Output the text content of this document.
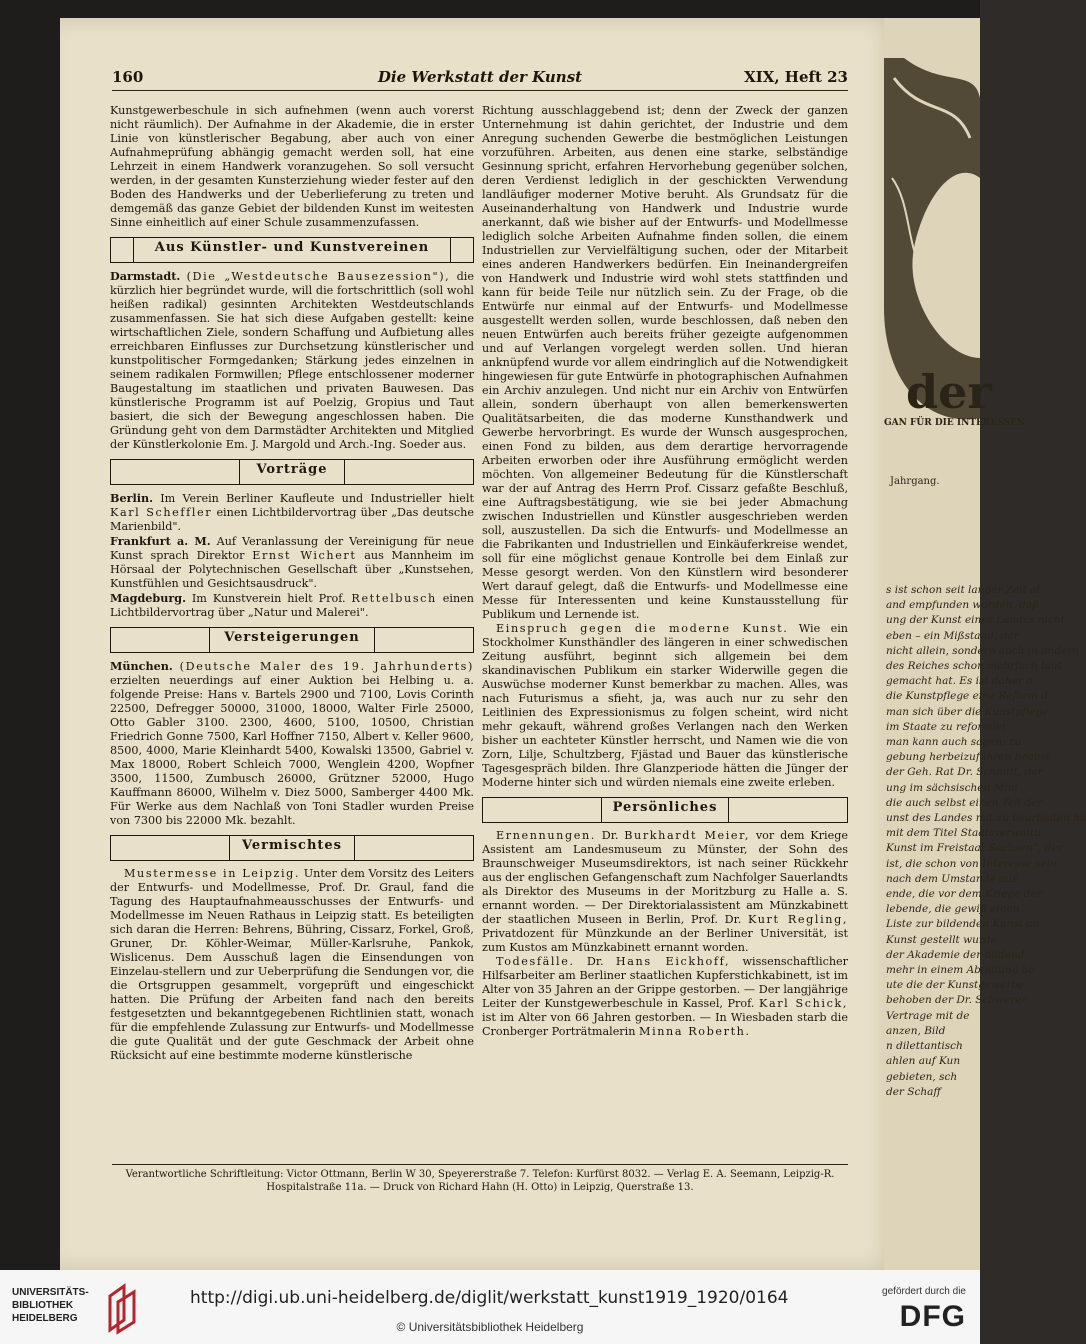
der
GAN FÜR DIE INTERESSEN
Jahrgang.
s ist schon seit langer Zeit al
and empfunden worden, daß
ung der Kunst eines Landes nicht
eben – ein Mißstand, der
nicht allein, sondern auch in andern
des Reiches schon mehrfach laut
gemacht hat. Es ist daher a
die Kunstpflege eine Reform d
man sich über die Kunstpflege
im Staate zu reformier
man kann auch sagen: zu
gebung herbeizuführen beabsi
der Geh. Rat Dr. Schmitt, der
ung im sächsischen Mini
die auch selbst einen Teil der
unst des Landes mit zu bearbeiten ha
mit dem Titel Staatsverwaltu
Kunst im Freistaat Sachsen“, der
ist, die schon von Interesse sein
nach dem Umstande aus
ende, die vor dem Kriege der
lebende, die gewiß einen
Liste zur bildenden Kunst an
Kunst gestellt wurde
der Akademie der bildend
mehr in einem Abteilung be
ute die der Kunstgewerbe
behoben der Dr. Schwerer
Vertrage mit de
anzen, Bild
n dilettantisch
ahlen auf Kun
gebieten, sch
der Schaff
160	Die Werkstatt der Kunst	XIX, Heft 23

Kunstgewerbeschule in sich aufnehmen (wenn auch vorerst nicht räumlich). Der Aufnahme in der Akademie, die in erster Linie von künstlerischer Begabung, aber auch von einer Aufnahmeprüfung abhängig gemacht werden soll, hat eine Lehrzeit in einem Handwerk voranzugehen. So soll versucht werden, in der gesamten Kunsterziehung wieder fester auf den Boden des Handwerks und der Ueberlieferung zu treten und demgemäß das ganze Gebiet der bildenden Kunst im weitesten Sinne einheitlich auf einer Schule zusammenzufassen.

Aus Künstler- und Kunstvereinen

Darmstadt. (Die „Westdeutsche Bausezession"), die kürzlich hier begründet wurde, will die fortschrittlich (soll wohl heißen radikal) gesinnten Architekten Westdeutschlands zusammenfassen. Sie hat sich diese Aufgaben gestellt: keine wirtschaftlichen Ziele, sondern Schaffung und Aufbietung alles erreichbaren Einflusses zur Durchsetzung künstlerischer und kunstpolitischer Formgedanken; Stärkung jedes einzelnen in seinem radikalen Formwillen; Pflege entschlossener moderner Baugestaltung im staatlichen und privaten Bauwesen. Das künstlerische Programm ist auf Poelzig, Gropius und Taut basiert, die sich der Bewegung angeschlossen haben. Die Gründung geht von dem Darmstädter Architekten und Mitglied der Künstlerkolonie Em. J. Margold und Arch.-Ing. Soeder aus.

Vorträge

Berlin. Im Verein Berliner Kaufleute und Industrieller hielt Karl Scheffler einen Lichtbildervortrag über „Das deutsche Marienbild".

Frankfurt a. M. Auf Veranlassung der Vereinigung für neue Kunst sprach Direktor Ernst Wichert aus Mannheim im Hörsaal der Polytechnischen Gesellschaft über „Kunstsehen, Kunstfühlen und Gesichtsausdruck".

Magdeburg. Im Kunstverein hielt Prof. Rettelbusch einen Lichtbildervortrag über „Natur und Malerei".

Versteigerungen

München. (Deutsche Maler des 19. Jahrhunderts) erzielten neuerdings auf einer Auktion bei Helbing u. a. folgende Preise: Hans v. Bartels 2900 und 7100, Lovis Corinth 22500, Defregger 50000, 31000, 18000, Walter Firle 25000, Otto Gabler 3100. 2300, 4600, 5100, 10500, Christian Friedrich Gonne 7500, Karl Hoffner 7150, Albert v. Keller 9600, 8500, 4000, Marie Kleinhardt 5400, Kowalski 13500, Gabriel v. Max 18000, Robert Schleich 7000, Wenglein 4200, Wopfner 3500, 11500, Zumbusch 26000, Grützner 52000, Hugo Kauffmann 86000, Wilhelm v. Diez 5000, Samberger 4400 Mk. Für Werke aus dem Nachlaß von Toni Stadler wurden Preise von 7300 bis 22000 Mk. bezahlt.

Vermischtes

Mustermesse in Leipzig. Unter dem Vorsitz des Leiters der Entwurfs- und Modellmesse, Prof. Dr. Graul, fand die Tagung des Hauptaufnahmeausschusses der Entwurfs- und Modellmesse im Neuen Rathaus in Leipzig statt. Es beteiligten sich daran die Herren: Behrens, Bühring, Cissarz, Forkel, Groß, Gruner, Dr. Köhler-Weimar, Müller-Karlsruhe, Pankok, Wislicenus. Dem Ausschuß lagen die Einsendungen von Einzelau-stellern und zur Ueberprüfung die Sendungen vor, die die Ortsgruppen gesammelt, vorgeprüft und eingeschickt hatten. Die Prüfung der Arbeiten fand nach den bereits festgesetzten und bekanntgegebenen Richtlinien statt, wonach für die empfehlende Zulassung zur Entwurfs- und Modellmesse die gute Qualität und der gute Geschmack der Arbeit ohne Rücksicht auf eine bestimmte moderne künstlerische

Richtung ausschlaggebend ist; denn der Zweck der ganzen Unternehmung ist dahin gerichtet, der Industrie und dem Anregung suchenden Gewerbe die bestmöglichen Leistungen vorzuführen. Arbeiten, aus denen eine starke, selbständige Gesinnung spricht, erfahren Hervorhebung gegenüber solchen, deren Verdienst lediglich in der geschickten Verwendung landläufiger moderner Motive beruht. Als Grundsatz für die Auseinanderhaltung von Handwerk und Industrie wurde anerkannt, daß wie bisher auf der Entwurfs- und Modellmesse lediglich solche Arbeiten Aufnahme finden sollen, die einem Industriellen zur Vervielfältigung suchen, oder der Mitarbeit eines anderen Handwerkers bedürfen. Ein Ineinandergreifen von Handwerk und Industrie wird wohl stets stattfinden und kann für beide Teile nur nützlich sein. Zu der Frage, ob die Entwürfe nur einmal auf der Entwurfs- und Modellmesse ausgestellt werden sollen, wurde beschlossen, daß neben den neuen Entwürfen auch bereits früher gezeigte aufgenommen und auf Verlangen vorgelegt werden sollen. Und hieran anknüpfend wurde vor allem eindringlich auf die Notwendigkeit hingewiesen für gute Entwürfe in photographischen Aufnahmen ein Archiv anzulegen. Und nicht nur ein Archiv von Entwürfen allein, sondern überhaupt von allen bemerkenswerten Qualitätsarbeiten, die das moderne Kunsthandwerk und Gewerbe hervorbringt. Es wurde der Wunsch ausgesprochen, einen Fond zu bilden, aus dem derartige hervorragende Arbeiten erworben oder ihre Ausführung ermöglicht werden möchten. Von allgemeiner Bedeutung für die Künstlerschaft war der auf Antrag des Herrn Prof. Cissarz gefaßte Beschluß, eine Auftragsbestätigung, wie sie bei jeder Abmachung zwischen Industriellen und Künstler ausgeschrieben werden soll, auszustellen. Da sich die Entwurfs- und Modellmesse an die Fabrikanten und Industriellen und Einkäuferkreise wendet, soll für eine möglichst genaue Kontrolle bei dem Einlaß zur Messe gesorgt werden. Von den Künstlern wird besonderer Wert darauf gelegt, daß die Entwurfs- und Modellmesse eine Messe für Interessenten und keine Kunstausstellung für Publikum und Lernende ist.

Einspruch gegen die moderne Kunst. Wie ein Stockholmer Kunsthändler des längeren in einer schwedischen Zeitung ausführt, beginnt sich allgemein bei dem skandinavischen Publikum ein starker Widerwille gegen die Auswüchse moderner Kunst bemerkbar zu machen. Alles, was nach Futurismus a sfieht, ja, was auch nur zu sehr den Leitlinien des Expressionismus zu folgen scheint, wird nicht mehr gekauft, während großes Verlangen nach den Werken bisher un eachteter Künstler herrscht, und Namen wie die von Zorn, Lilje, Schultzberg, Fjästad und Bauer das künstlerische Tagesgespräch bilden. Ihre Glanzperiode hätten die Jünger der Moderne hinter sich und würden niemals eine zweite erleben.

Persönliches

Ernennungen. Dr. Burkhardt Meier, vor dem Kriege Assistent am Landesmuseum zu Münster, der Sohn des Braunschweiger Museumsdirektors, ist nach seiner Rückkehr aus der englischen Gefangenschaft zum Nachfolger Sauerlandts als Direktor des Museums in der Moritzburg zu Halle a. S. ernannt worden. — Der Direktorialassistent am Münzkabinett der staatlichen Museen in Berlin, Prof. Dr. Kurt Regling, Privatdozent für Münzkunde an der Berliner Universität, ist zum Kustos am Münzkabinett ernannt worden.

Todesfälle. Dr. Hans Eickhoff, wissenschaftlicher Hilfsarbeiter am Berliner staatlichen Kupferstichkabinett, ist im Alter von 35 Jahren an der Grippe gestorben. — Der langjährige Leiter der Kunstgewerbeschule in Kassel, Prof. Karl Schick, ist im Alter von 66 Jahren gestorben. — In Wiesbaden starb die Cronberger Porträtmalerin Minna Roberth.

Verantwortliche Schriftleitung: Victor Ottmann, Berlin W 30, Speyererstraße 7. Telefon: Kurfürst 8032. — Verlag E. A. Seemann, Leipzig-R.
Hospitalstraße 11a. — Druck von Richard Hahn (H. Otto) in Leipzig, Querstraße 13.
UNIVERSITÄTS-
BIBLIOTHEK
HEIDELBERG
http://digi.ub.uni-heidelberg.de/diglit/werkstatt_kunst1919_1920/0164
© Universitätsbibliothek Heidelberg
gefördert durch die
DFG
